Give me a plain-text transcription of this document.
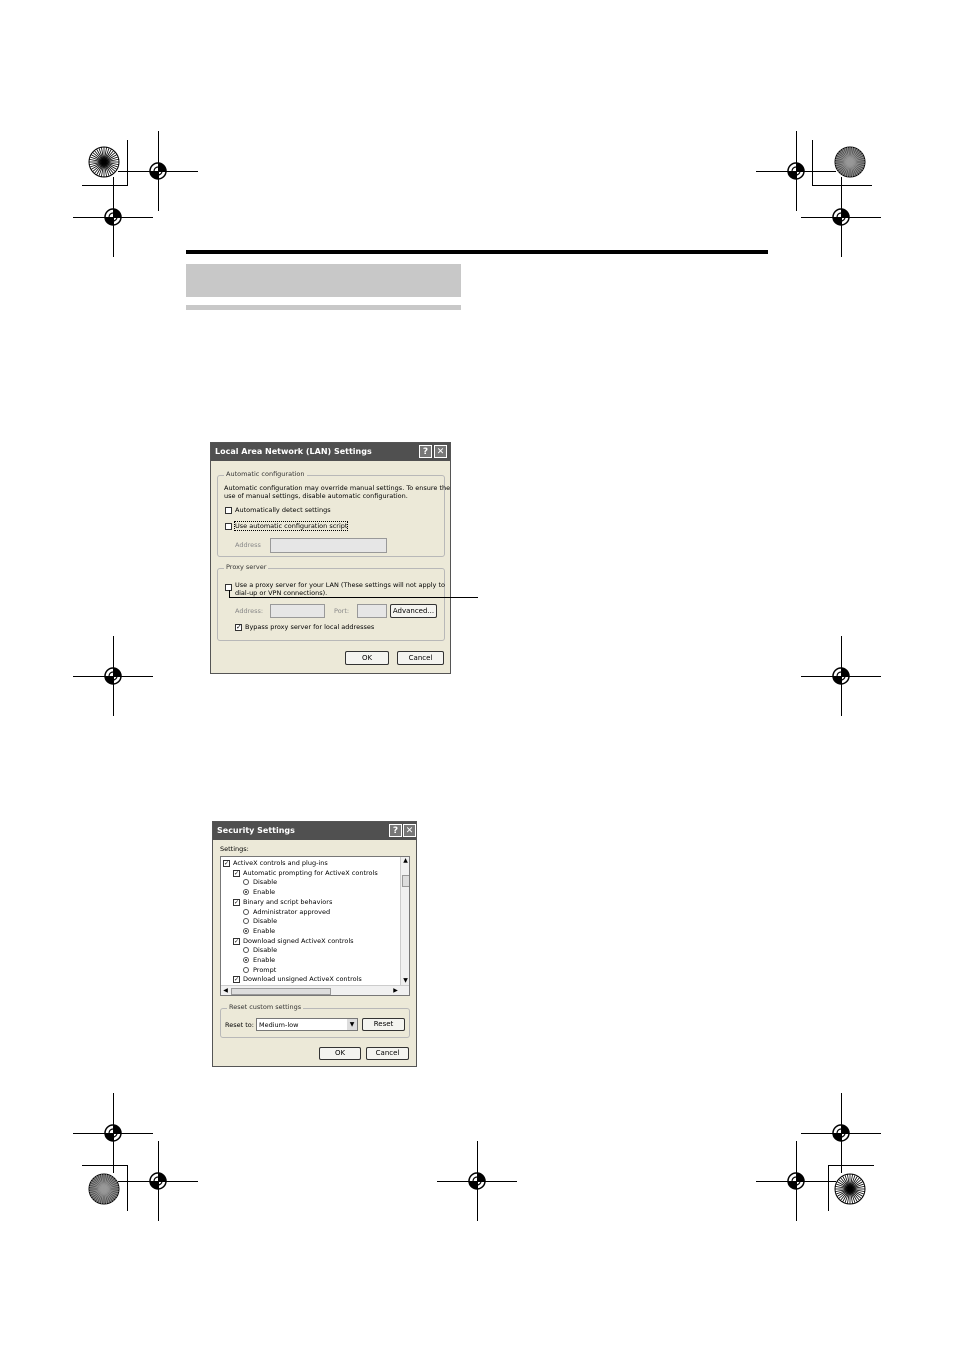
Local Area Network (LAN) Settings	? ✕
Automatic configuration
Automatic configuration may override manual settings. To ensure the
use of manual settings, disable automatic configuration.
Automatically detect settings
Use automatic configuration script
Address
Proxy server
Use a proxy server for your LAN (These settings will not apply to
dial-up or VPN connections).
Address:	Port:	Advanced...
✓ Bypass proxy server for local addresses
OK	Cancel
Security Settings	? ✕
Settings:
✓ ActiveX controls and plug-ins
✓ Automatic prompting for ActiveX controls
Disable
Enable
✓ Binary and script behaviors
Administrator approved
Disable
Enable
✓ Download signed ActiveX controls
Disable
Enable
Prompt
✓ Download unsigned ActiveX controls
▲
▼
◀	▶
Reset custom settings
Reset to: Medium-low	▼	Reset
OK	Cancel
